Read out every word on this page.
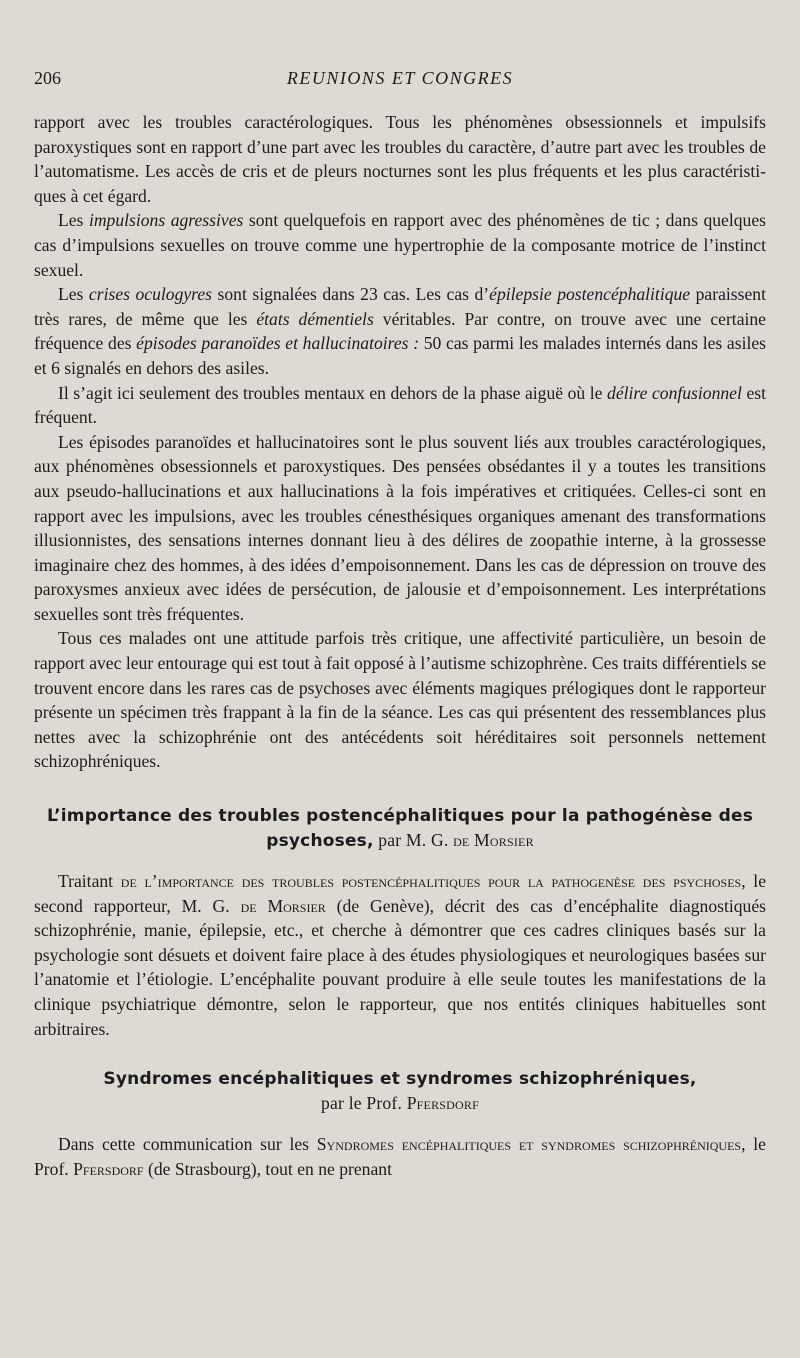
206	REUNIONS ET CONGRES

rapport avec les troubles caractérologiques. Tous les phénomènes obsessionnels et impulsifs paroxystiques sont en rapport d’une part avec les troubles du caractère, d’autre part avec les troubles de l’automatisme. Les accès de cris et de pleurs nocturnes sont les plus fréquents et les plus caractéristiques à cet égard.

Les impulsions agressives sont quelquefois en rapport avec des phénomènes de tic ; dans quelques cas d’impulsions sexuelles on trouve comme une hypertrophie de la composante motrice de l’instinct sexuel.

Les crises oculogyres sont signalées dans 23 cas. Les cas d’épilepsie postencéphalitique paraissent très rares, de même que les états démentiels véritables. Par contre, on trouve avec une certaine fréquence des épisodes paranoïdes et hallucinatoires : 50 cas parmi les malades internés dans les asiles et 6 signalés en dehors des asiles.

Il s’agit ici seulement des troubles mentaux en dehors de la phase aiguë où le délire confusionnel est fréquent.

Les épisodes paranoïdes et hallucinatoires sont le plus souvent liés aux troubles caractérologiques, aux phénomènes obsessionnels et paroxystiques. Des pensées obsédantes il y a toutes les transitions aux pseudo-hallucinations et aux hallucinations à la fois impératives et critiquées. Celles-ci sont en rapport avec les impulsions, avec les troubles cénesthésiques organiques amenant des transformations illusionnistes, des sensations internes donnant lieu à des délires de zoopathie interne, à la grossesse imaginaire chez des hommes, à des idées d’empoisonnement. Dans les cas de dépression on trouve des paroxysmes anxieux avec idées de persécution, de jalousie et d’empoisonnement. Les interprétations sexuelles sont très fréquentes.

Tous ces malades ont une attitude parfois très critique, une affectivité particulière, un besoin de rapport avec leur entourage qui est tout à fait opposé à l’autisme schizophrène. Ces traits différentiels se trouvent encore dans les rares cas de psychoses avec éléments magiques prélogiques dont le rapporteur présente un spécimen très frappant à la fin de la séance. Les cas qui présentent des ressemblances plus nettes avec la schizophrénie ont des antécédents soit héréditaires soit personnels nettement schizophréniques.

L’importance des troubles postencéphalitiques pour la pathogénèse des psychoses, par M. G. de Morsier

Traitant de l’importance des troubles postencéphalitiques pour la pathogenèse des psychoses, le second rapporteur, M. G. de Morsier (de Genève), décrit des cas d’encéphalite diagnostiqués schizophrénie, manie, épilepsie, etc., et cherche à démontrer que ces cadres cliniques basés sur la psychologie sont désuets et doivent faire place à des études physiologiques et neurologiques basées sur l’anatomie et l’étiologie. L’encéphalite pouvant produire à elle seule toutes les manifestations de la clinique psychiatrique démontre, selon le rapporteur, que nos entités cliniques habituelles sont arbitraires.

Syndromes encéphalitiques et syndromes schizophréniques,
par le Prof. Pfersdorf

Dans cette communication sur les Syndromes encéphalitiques et syndromes schizophréniques, le Prof. Pfersdorf (de Strasbourg), tout en ne prenant
